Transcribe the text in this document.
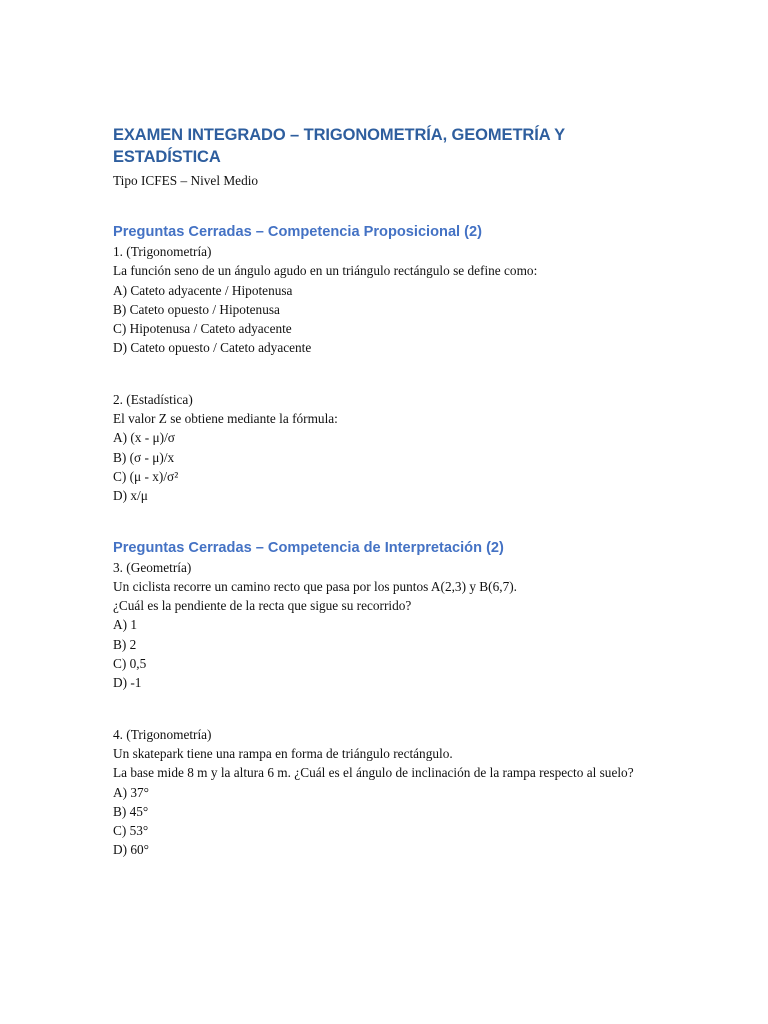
EXAMEN INTEGRADO – TRIGONOMETRÍA, GEOMETRÍA Y ESTADÍSTICA

Tipo ICFES – Nivel Medio

Preguntas Cerradas – Competencia Proposicional (2)

1. (Trigonometría)

La función seno de un ángulo agudo en un triángulo rectángulo se define como:

A) Cateto adyacente / Hipotenusa

B) Cateto opuesto / Hipotenusa

C) Hipotenusa / Cateto adyacente

D) Cateto opuesto / Cateto adyacente

2. (Estadística)

El valor Z se obtiene mediante la fórmula:

A) (x - μ)/σ

B) (σ - μ)/x

C) (μ - x)/σ²

D) x/μ

Preguntas Cerradas – Competencia de Interpretación (2)

3. (Geometría)

Un ciclista recorre un camino recto que pasa por los puntos A(2,3) y B(6,7).

¿Cuál es la pendiente de la recta que sigue su recorrido?

A) 1

B) 2

C) 0,5

D) -1

4. (Trigonometría)

Un skatepark tiene una rampa en forma de triángulo rectángulo.

La base mide 8 m y la altura 6 m. ¿Cuál es el ángulo de inclinación de la rampa respecto al suelo?

A) 37°

B) 45°

C) 53°

D) 60°
